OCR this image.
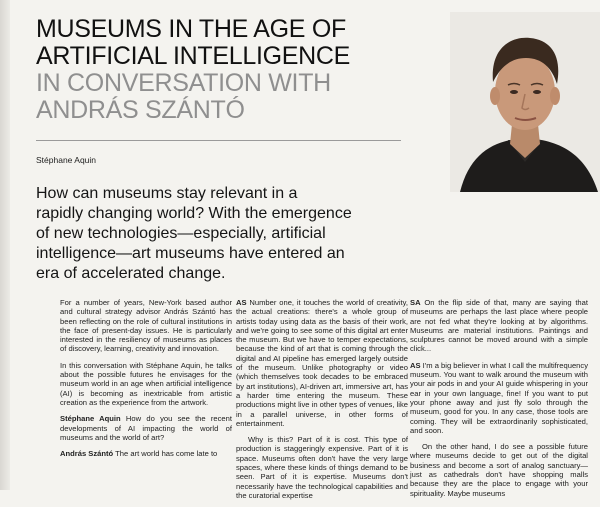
MUSEUMS IN THE AGE OF
ARTIFICIAL INTELLIGENCE
IN CONVERSATION WITH
ANDRÁS SZÁNTÓ
Stéphane Aquin
How can museums stay relevant in a
rapidly changing world? With the emergence
of new technologies—especially, artificial
intelligence—art museums have entered an
era of accelerated change.

For a number of years, New-York based author and cultural strategy advisor András Szántó has been reflecting on the role of cultural institutions in the face of present-day issues. He is particularly interested in the resiliency of museums as places of discovery, learning, creativity and innovation.

In this conversation with Stéphane Aquin, he talks about the possible futures he envisages for the museum world in an age when artificial intelligence (AI) is becoming as inextricable from artistic creation as the experience from the artwork.

Stéphane Aquin How do you see the recent developments of AI impacting the world of museums and the world of art?

András Szántó The art world has come late to

AS Number one, it touches the world of creativity, the actual creations: there's a whole group of artists today using data as the basis of their work, and we're going to see some of this digital art enter the museum. But we have to temper expectations, because the kind of art that is coming through the digital and AI pipeline has emerged largely outside of the museum. Unlike photography or video (which themselves took decades to be embraced by art institutions), AI-driven art, immersive art, has a harder time entering the museum. These productions might live in other types of venues, like in a parallel universe, in other forms of entertainment.

Why is this? Part of it is cost. This type of production is staggeringly expensive. Part of it is space. Museums often don't have the very large spaces, where these kinds of things demand to be seen. Part of it is expertise. Museums don't necessarily have the technological capabilities and the curatorial expertise

SA On the flip side of that, many are saying that museums are perhaps the last place where people are not fed what they're looking at by algorithms. Museums are material institutions. Paintings and sculptures cannot be moved around with a simple click...

AS I'm a big believer in what I call the multifrequency museum. You want to walk around the museum with your air pods in and your AI guide whispering in your ear in your own language, fine! If you want to put your phone away and just fly solo through the museum, good for you. In any case, those tools are coming. They will be extraordinarily sophisticated, and soon.

On the other hand, I do see a possible future where museums decide to get out of the digital business and become a sort of analog sanctuary—just as cathedrals don't have shopping malls because they are the place to engage with your spirituality. Maybe museums
